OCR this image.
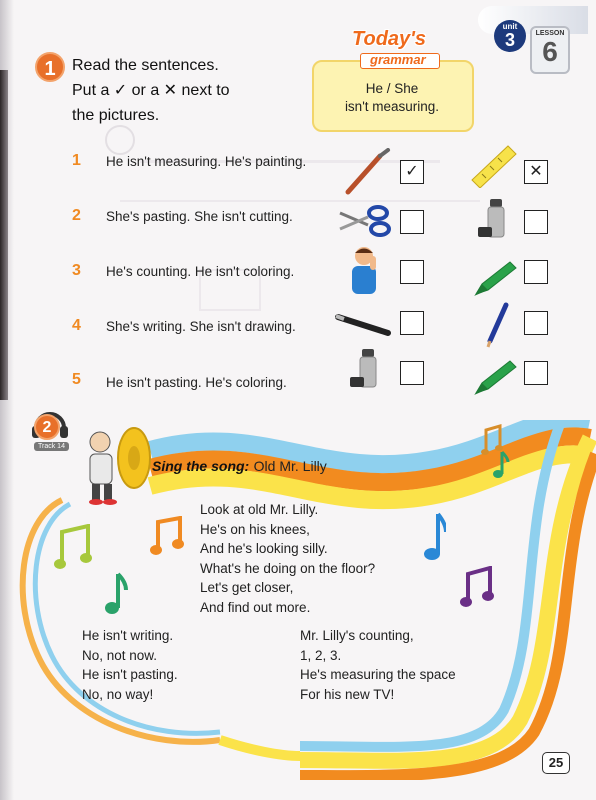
1	Read the sentences.
Put a ✓ or a ✕ next to
the pictures.
Today's
grammar
He / She
isn't measuring.
unit
3	LESSON
6
1 He isn't measuring. He's painting.
✓	✕
2 She's pasting. She isn't cutting.
3 He's counting. He isn't coloring.
4 She's writing. She isn't drawing.
5 He isn't pasting. He's coloring.
2
Track 14
Sing the song: Old Mr. Lilly
Look at old Mr. Lilly.
He's on his knees,
And he's looking silly.
What's he doing on the floor?
Let's get closer,
And find out more.
He isn't writing.
No, not now.
He isn't pasting.
No, no way!
Mr. Lilly's counting,
1, 2, 3.
He's measuring the space
For his new TV!
25
